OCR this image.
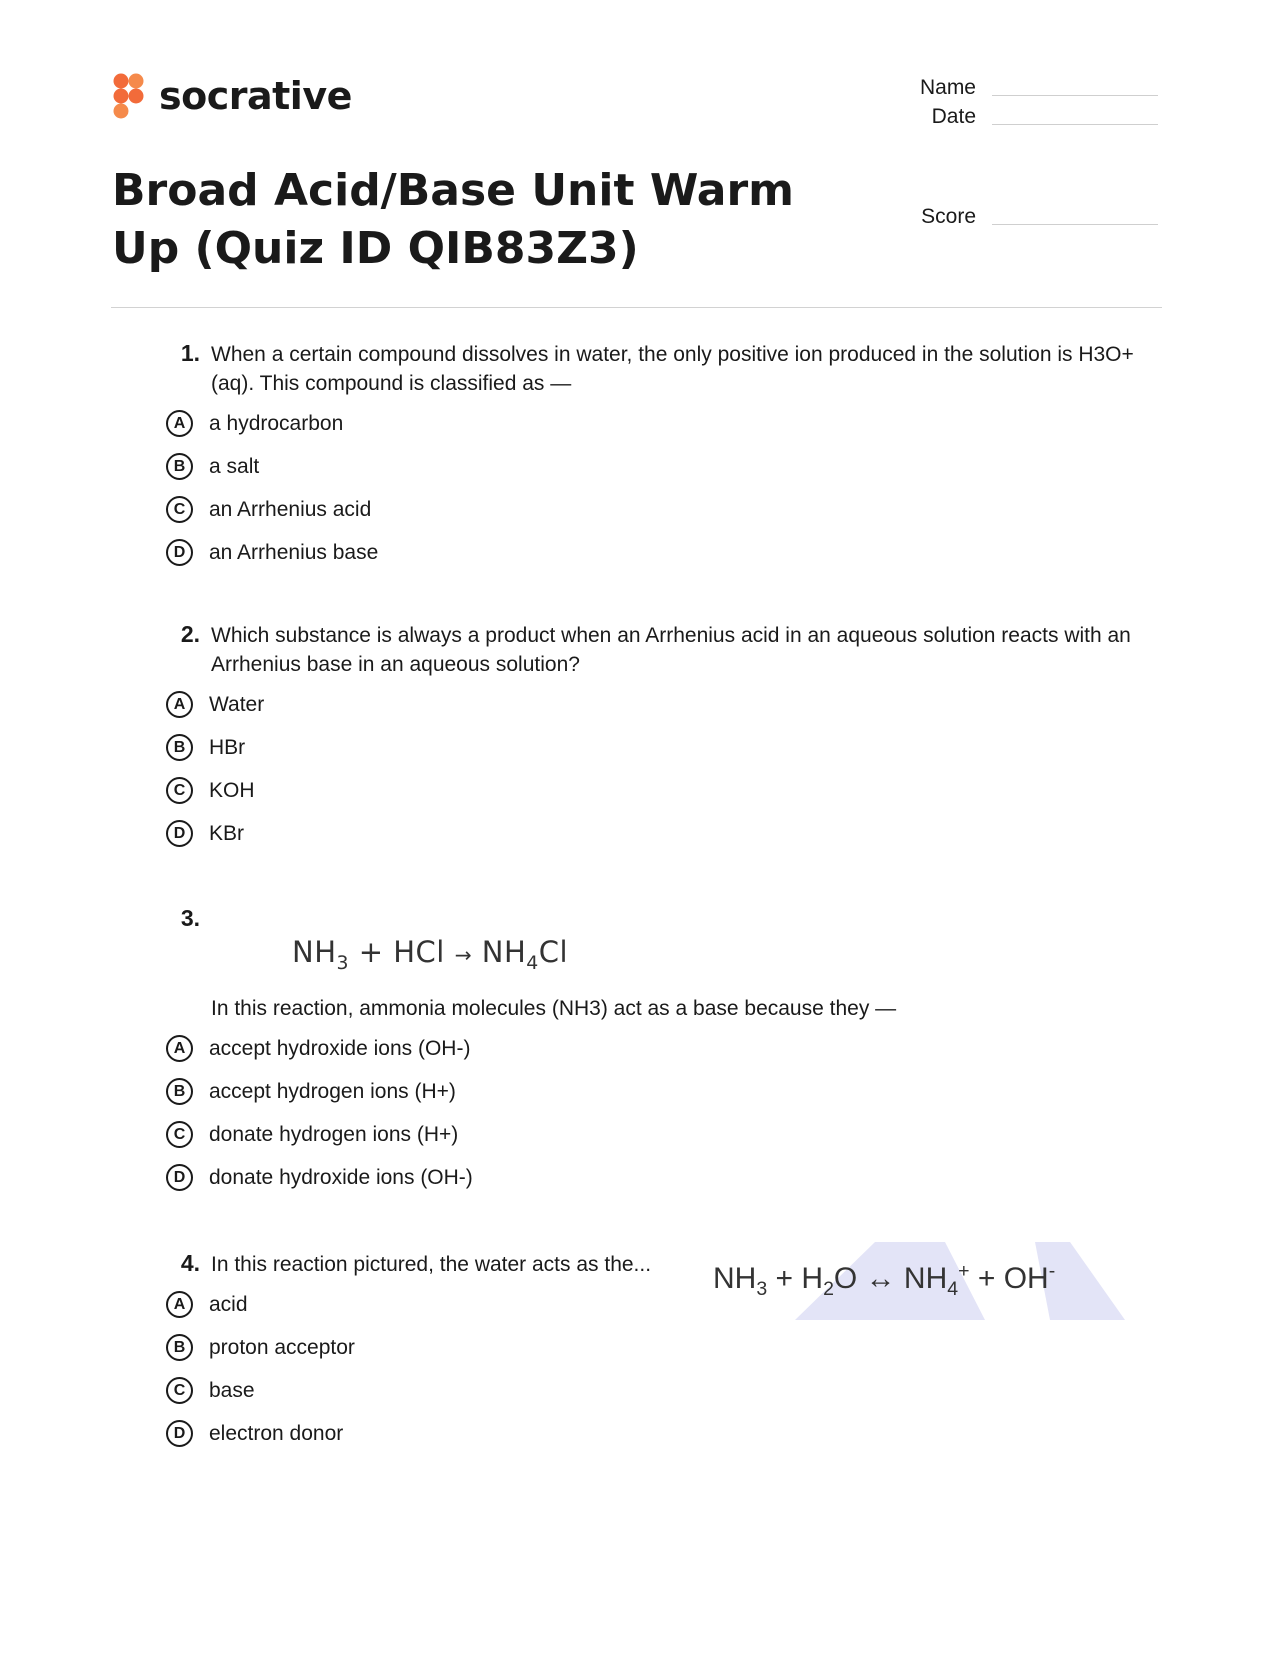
socrative	Name
Date
Score
Broad Acid/Base Unit Warm Up (Quiz ID QIB83Z3)
1. When a certain compound dissolves in water, the only positive ion produced in the solution is H3O+ (aq). This compound is classified as —
A	a hydrocarbon
B	a salt
C	an Arrhenius acid
D	an Arrhenius base
2. Which substance is always a product when an Arrhenius acid in an aqueous solution reacts with an Arrhenius base in an aqueous solution?
A	Water
B	HBr
C	KOH
D	KBr
3.
$NH_3$ + HCl → $NH_4Cl$
In this reaction, ammonia molecules (NH3) act as a base because they —
A	accept hydroxide ions (OH-)
B	accept hydrogen ions (H+)
C	donate hydrogen ions (H+)
D	donate hydroxide ions (OH-)
4. In this reaction pictured, the water acts as the...
A	acid
B	proton acceptor
C	base
D	electron donor
$NH_3 + H_2O$ ↔ $NH_4^+ + OH^-$
